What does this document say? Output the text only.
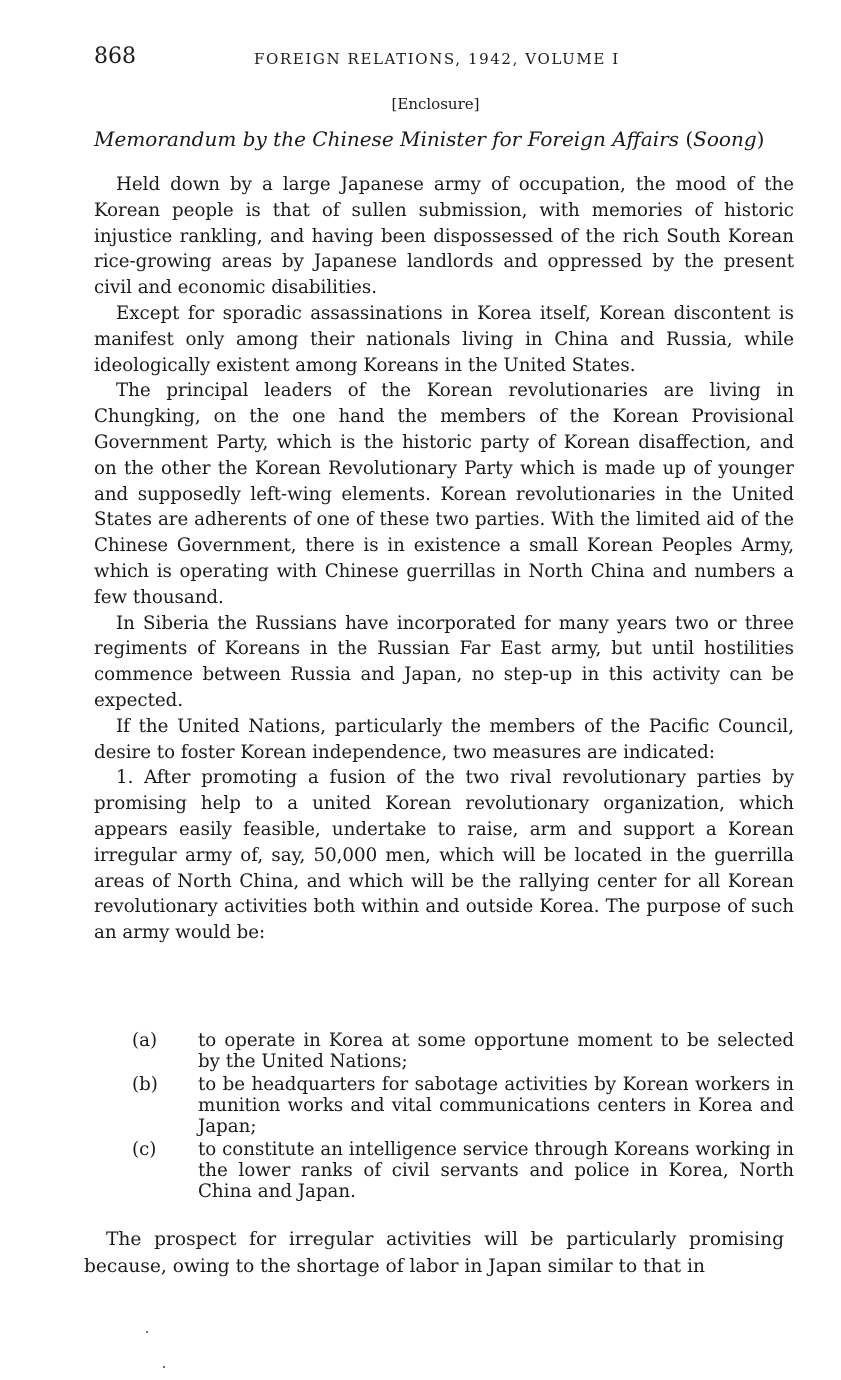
868	FOREIGN RELATIONS, 1942, VOLUME I
[Enclosure]
Memorandum by the Chinese Minister for Foreign Affairs (Soong)

Held down by a large Japanese army of occupation, the mood of the Korean people is that of sullen submission, with memories of historic injustice rankling, and having been dispossessed of the rich South Korean rice-growing areas by Japanese landlords and oppressed by the present civil and economic disabilities.

Except for sporadic assassinations in Korea itself, Korean discontent is manifest only among their nationals living in China and Russia, while ideologically existent among Koreans in the United States.

The principal leaders of the Korean revolutionaries are living in Chungking, on the one hand the members of the Korean Provisional Government Party, which is the historic party of Korean disaffection, and on the other the Korean Revolutionary Party which is made up of younger and supposedly left-wing elements. Korean revolutionaries in the United States are adherents of one of these two parties. With the limited aid of the Chinese Government, there is in existence a small Korean Peoples Army, which is operating with Chinese guerrillas in North China and numbers a few thousand.

In Siberia the Russians have incorporated for many years two or three regiments of Koreans in the Russian Far East army, but until hostilities commence between Russia and Japan, no step-up in this activity can be expected.

If the United Nations, particularly the members of the Pacific Council, desire to foster Korean independence, two measures are indicated:

1. After promoting a fusion of the two rival revolutionary parties by promising help to a united Korean revolutionary organization, which appears easily feasible, undertake to raise, arm and support a Korean irregular army of, say, 50,000 men, which will be located in the guerrilla areas of North China, and which will be the rallying center for all Korean revolutionary activities both within and outside Korea. The purpose of such an army would be:

(a)	to operate in Korea at some opportune moment to be selected by the United Nations;
(b)	to be headquarters for sabotage activities by Korean workers in munition works and vital communications centers in Korea and Japan;
(c)	to constitute an intelligence service through Koreans working in the lower ranks of civil servants and police in Korea, North China and Japan.

The prospect for irregular activities will be particularly promising because, owing to the shortage of labor in Japan similar to that in
